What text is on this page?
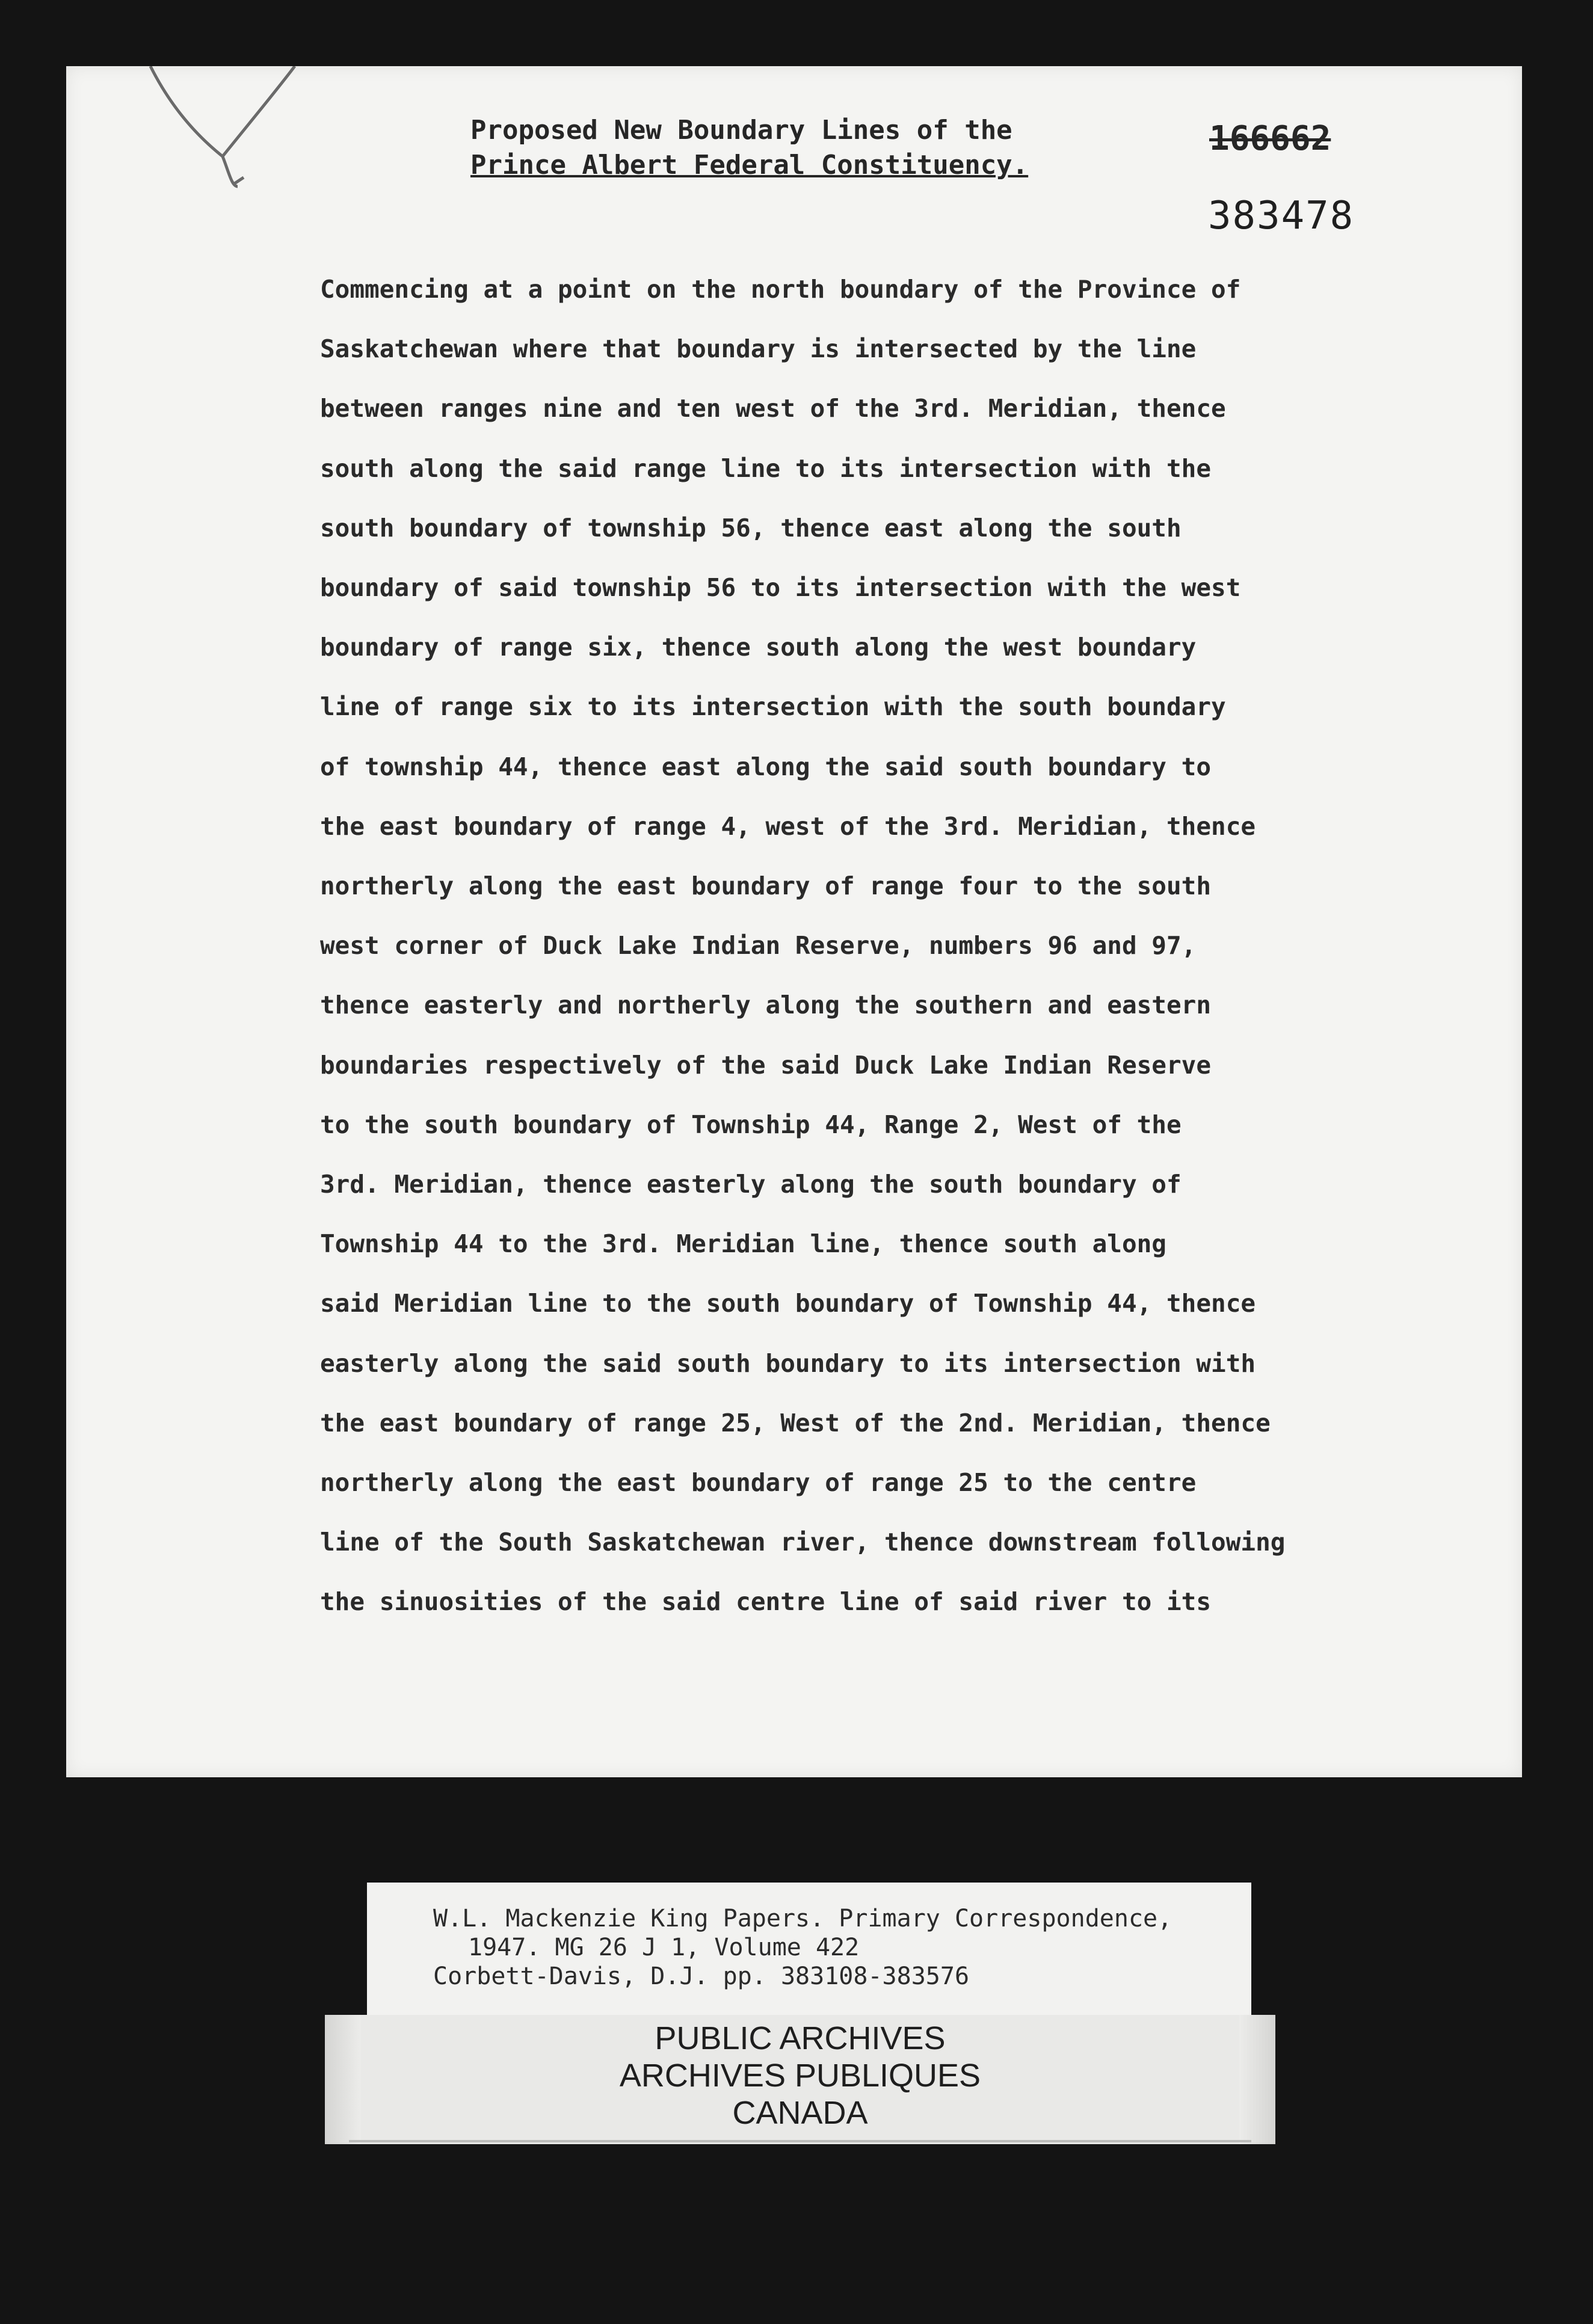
Proposed New Boundary Lines of the
Prince Albert Federal Constituency.
166662
383478
Commencing at a point on the north boundary of the Province of
Saskatchewan where that boundary is intersected by the line
between ranges nine and ten west of the 3rd. Meridian, thence
south along the said range line to its intersection with the
south boundary of township 56, thence east along the south
boundary of said township 56 to its intersection with the west
boundary of range six, thence south along the west boundary
line of range six to its intersection with the south boundary
of township 44, thence east along the said south boundary to
the east boundary of range 4, west of the 3rd. Meridian, thence
northerly along the east boundary of range four to the south
west corner of Duck Lake Indian Reserve, numbers 96 and 97,
thence easterly and northerly along the southern and eastern
boundaries respectively of the said Duck Lake Indian Reserve
to the south boundary of Township 44, Range 2, West of the
3rd. Meridian, thence easterly along the south boundary of
Township 44 to the 3rd. Meridian line, thence south along
said Meridian line to the south boundary of Township 44, thence
easterly along the said south boundary to its intersection with
the east boundary of range 25, West of the 2nd. Meridian, thence
northerly along the east boundary of range 25 to the centre
line of the South Saskatchewan river, thence downstream following
the sinuosities of the said centre line of said river to its

W.L. Mackenzie King Papers. Primary Correspondence,
1947. MG 26 J 1, Volume 422
Corbett-Davis, D.J. pp. 383108-383576

PUBLIC ARCHIVES
ARCHIVES PUBLIQUES
CANADA
